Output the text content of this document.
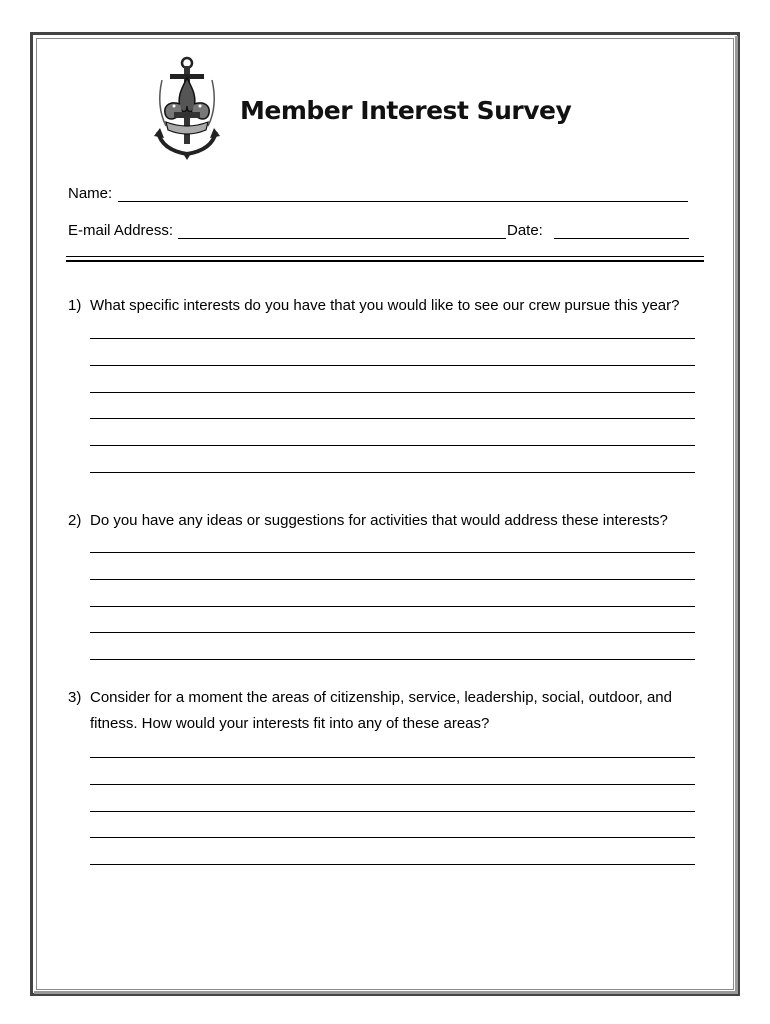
Member Interest Survey
Name:
E-mail Address:	Date:
1) What specific interests do you have that you would like to see our crew pursue this year?
2) Do you have any ideas or suggestions for activities that would address these interests?
3) Consider for a moment the areas of citizenship, service, leadership, social, outdoor, and fitness. How would your interests fit into any of these areas?
